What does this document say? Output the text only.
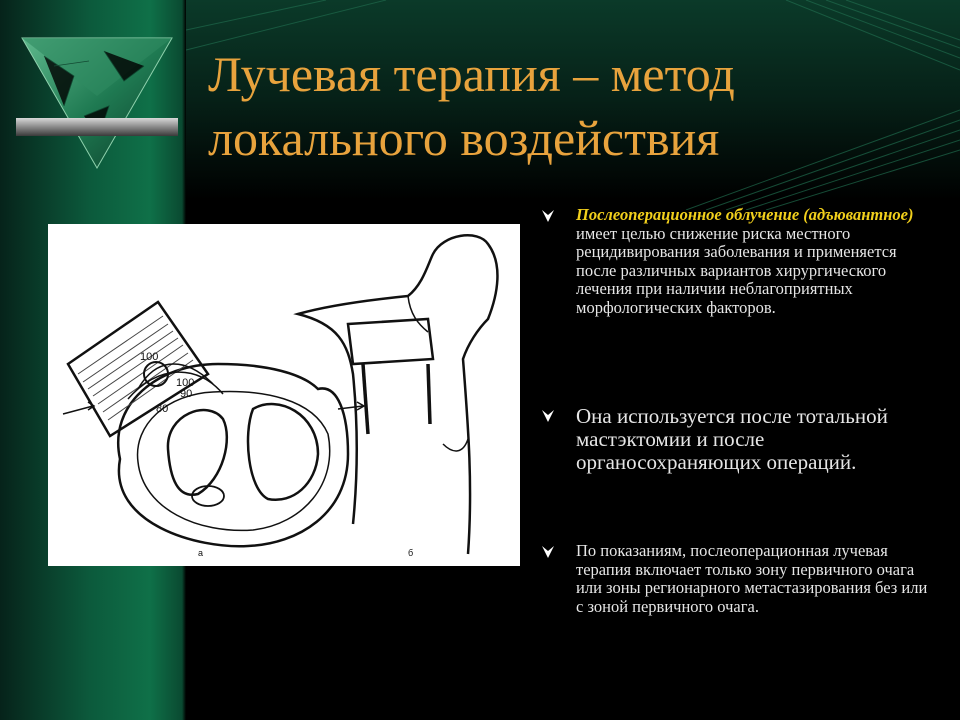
Лучевая терапия – метод локального воздействия
100
100
90
80
а	б
Послеоперационное облучение (адъювантное) имеет целью снижение риска местного рецидивирования заболевания и применяется после различных вариантов хирургического лечения при наличии неблагоприятных морфологических факторов.
Она используется после тотальной мастэктомии и после органосохраняющих операций.
По показаниям, послеоперационная лучевая терапия включает только зону первичного очага или зоны регионарного метастазирования без или с зоной первичного очага.
